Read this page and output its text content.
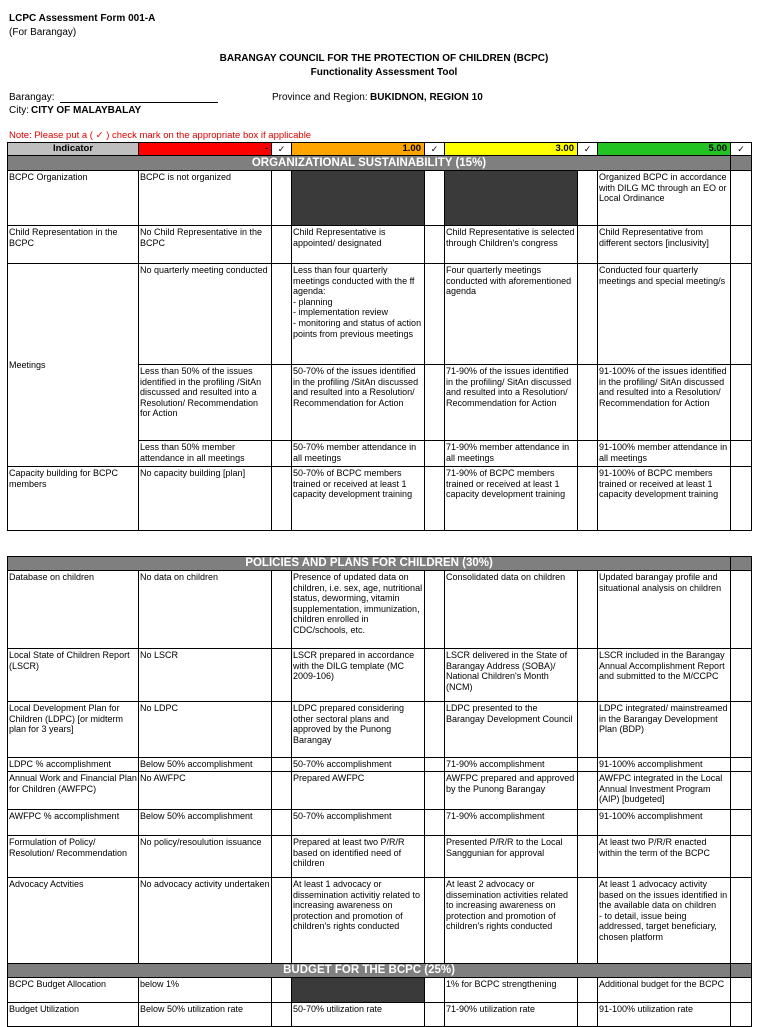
LCPC Assessment Form 001-A
(For Barangay)
BARANGAY COUNCIL FOR THE PROTECTION OF CHILDREN (BCPC)
Functionality Assessment Tool
Barangay:	Province and Region: BUKIDNON, REGION 10
City: CITY OF MALAYBALAY
Note: Please put a ( ✓ ) check mark on the appropriate box if applicable
Indicator	-	✓	1.00	✓	3.00	✓	5.00	✓
ORGANIZATIONAL SUSTAINABILITY (15%)								
BCPC Organization	BCPC is not organized						Organized BCPC in accordance with DILG MC through an EO or Local Ordinance	
Child Representation in the BCPC	No Child Representative in the BCPC		Child Representative is appointed/ designated		Child Representative is selected through Children's congress		Child Representative from different sectors [inclusivity]	
Meetings	No quarterly meeting conducted		Less than four quarterly meetings conducted with the ff agenda:
- planning
- implementation review
- monitoring and status of action points from previous meetings		Four quarterly meetings conducted with aforementioned agenda		Conducted four quarterly meetings and special meeting/s	
	Less than 50% of the issues identified in the profiling /SitAn discussed and resulted into a Resolution/ Recommendation for Action		50-70% of the issues identified in the profiling /SitAn discussed and resulted into a Resolution/ Recommendation for Action		71-90% of the issues identified in the profiling/ SitAn discussed and resulted into a Resolution/ Recommendation for Action		91-100% of the issues identified in the profiling/ SitAn discussed and resulted into a Resolution/ Recommendation for Action	
	Less than 50% member attendance in all meetings		50-70% member attendance in all meetings		71-90% member attendance in all meetings		91-100% member attendance in all meetings	
Capacity building for BCPC members	No capacity building [plan]		50-70% of BCPC members trained or received at least 1 capacity development training		71-90% of BCPC members trained or received at least 1 capacity development training		91-100% of BCPC members trained or received at least 1 capacity development training	
POLICIES AND PLANS FOR CHILDREN (30%)								
Database on children	No data on children		Presence of updated data on children, i.e. sex, age, nutritional status, deworming, vitamin supplementation, immunization, children enrolled in CDC/schools, etc.		Consolidated data on children		Updated barangay profile and situational analysis on children	
Local State of Children Report (LSCR)	No LSCR		LSCR prepared in accordance with the DILG template (MC 2009-106)		LSCR delivered in the State of Barangay Address (SOBA)/ National Children's Month (NCM)		LSCR included in the Barangay Annual Accomplishment Report and submitted to the M/CCPC	
Local Development Plan for Children (LDPC) [or midterm plan for 3 years]	No LDPC		LDPC prepared considering other sectoral plans and approved by the Punong Barangay		LDPC presented to the Barangay Development Council		LDPC integrated/ mainstreamed in the Barangay Development Plan (BDP)	
LDPC % accomplishment	Below 50% accomplishment		50-70% accomplishment		71-90% accomplishment		91-100% accomplishment	
Annual Work and Financial Plan for Children (AWFPC)	No AWFPC		Prepared AWFPC		AWFPC prepared and approved by the Punong Barangay		AWFPC integrated in the Local Annual Investment Program (AIP) [budgeted]	
AWFPC % accomplishment	Below 50% accomplishment		50-70% accomplishment		71-90% accomplishment		91-100% accomplishment	
Formulation of Policy/ Resolution/ Recommendation	No policy/resoulution issuance		Prepared at least two P/R/R based on identified need of children		Presented P/R/R to the Local Sanggunian for approval		At least two P/R/R enacted within the term of the BCPC	
Advocacy Actvities	No advocacy activity undertaken		At least 1 advocacy or dissemination activitiy related to increasing awareness on protection and promotion of children's rights conducted		At least 2 advocacy or dissemination activities related to increasing awareness on protection and promotion of children's rights conducted		At least 1 advocacy activity based on the issues identified in the available data on children
- to detail, issue being addressed, target beneficiary, chosen platform	
BUDGET FOR THE BCPC (25%)								
BCPC Budget Allocation	below 1%				1% for BCPC strengthening		Additional budget for the BCPC	
Budget Utilization	Below 50% utilization rate		50-70% utilization rate		71-90% utilization rate		91-100% utilization rate	
